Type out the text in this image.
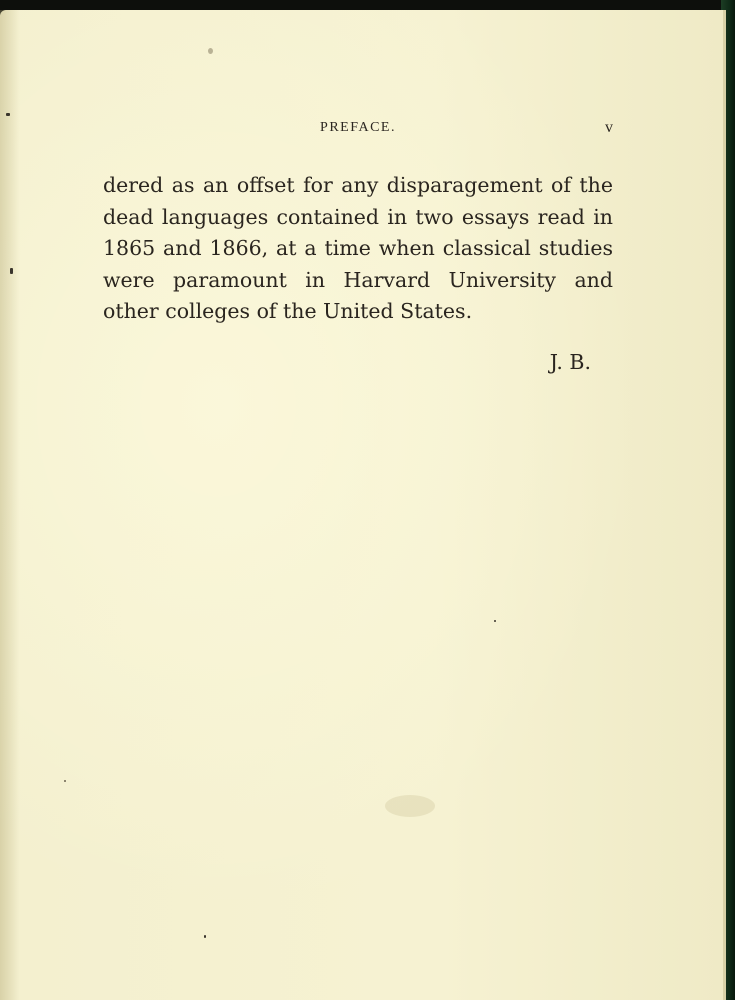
PREFACE.	v
dered as an offset for any disparagement of the
dead languages contained in two essays read in
1865 and 1866, at a time when classical studies
were paramount in Harvard University and
other colleges of the United States.
J. B.
